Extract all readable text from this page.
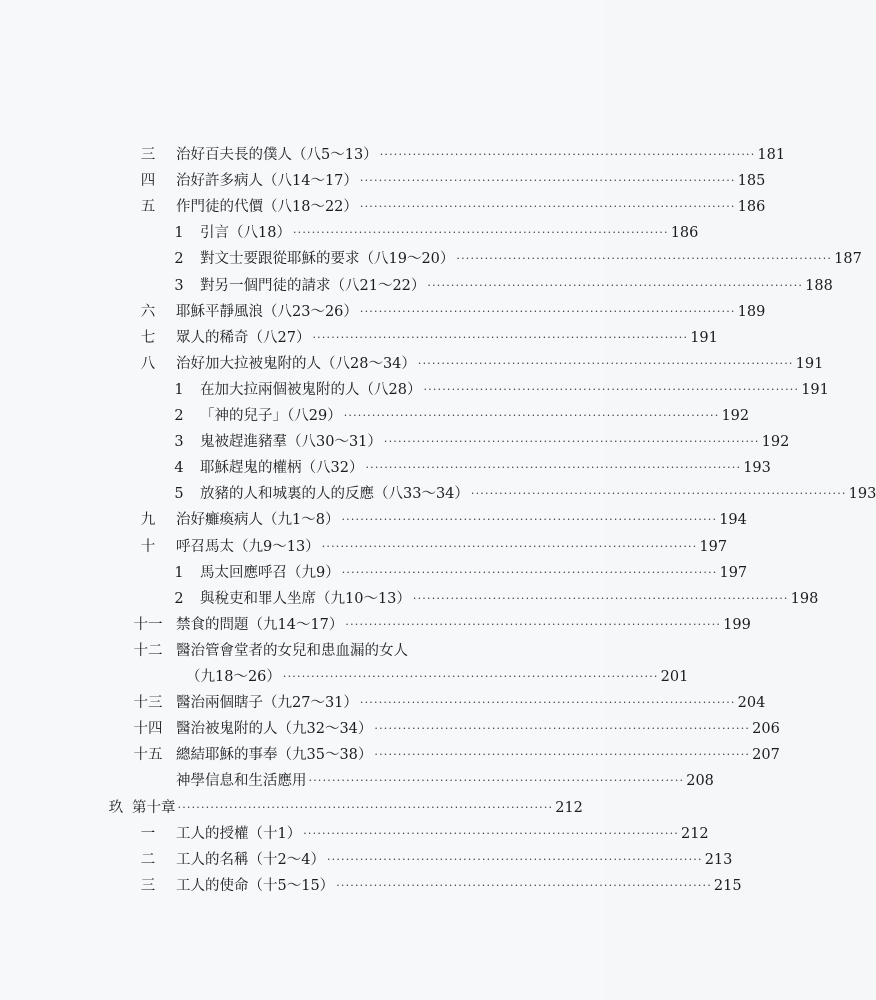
三	治好百夫長的僕人（八5～13） ················································································ 181
四	治好許多病人（八14～17） ················································································ 185
五	作門徒的代價（八18～22） ················································································ 186
1	引言（八18） ················································································ 186
2	對文士要跟從耶穌的要求（八19～20） ················································································ 187
3	對另一個門徒的請求（八21～22） ················································································ 188
六	耶穌平靜風浪（八23～26） ················································································ 189
七	眾人的稀奇（八27） ················································································ 191
八	治好加大拉被鬼附的人（八28～34） ················································································ 191
1	在加大拉兩個被鬼附的人（八28） ················································································ 191
2	「神的兒子」（八29） ················································································ 192
3	鬼被趕進豬羣（八30～31） ················································································ 192
4	耶穌趕鬼的權柄（八32） ················································································ 193
5	放豬的人和城裏的人的反應（八33～34） ················································································ 193
九	治好癱瘓病人（九1～8） ················································································ 194
十	呼召馬太（九9～13） ················································································ 197
1	馬太回應呼召（九9） ················································································ 197
2	與稅吏和罪人坐席（九10～13） ················································································ 198
十一 禁食的問題（九14～17） ················································································ 199
十二 醫治管會堂者的女兒和患血漏的女人
（九18～26） ················································································ 201
十三 醫治兩個瞎子（九27～31） ················································································ 204
十四 醫治被鬼附的人（九32～34） ················································································ 206
十五 總結耶穌的事奉（九35～38） ················································································ 207
神學信息和生活應用 ················································································ 208
玖 第十章 ················································································ 212
一	工人的授權（十1） ················································································ 212
二	工人的名稱（十2～4） ················································································ 213
三	工人的使命（十5～15） ················································································ 215
